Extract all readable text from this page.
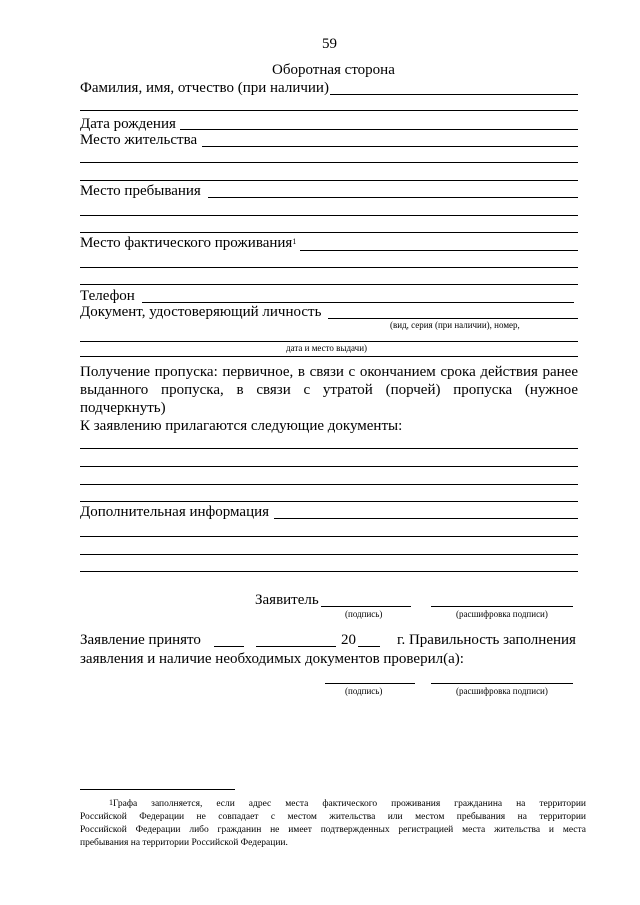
59
Оборотная сторона
Фамилия, имя, отчество (при наличии)
Дата рождения
Место жительства
Место пребывания
Место фактического проживания$^1$
Телефон
Документ, удостоверяющий личность
(вид, серия (при наличии), номер,
дата и место выдачи)
Получение пропуска: первичное, в связи с окончанием срока действия ранее
выданного пропуска, в связи с утратой (порчей) пропуска (нужное
подчеркнуть)
К заявлению прилагаются следующие документы:
Дополнительная информация
Заявитель
(подпись)	(расшифровка подписи)
Заявление принято	20	г. Правильность заполнения
заявления и наличие необходимых документов проверил(а):
(подпись)	(расшифровка подписи)
$^1$Графа заполняется, если адрес места фактического проживания гражданина на территории
Российской Федерации не совпадает с местом жительства или местом пребывания на территории
Российской Федерации либо гражданин не имеет подтвержденных регистрацией места жительства и места
пребывания на территории Российской Федерации.
